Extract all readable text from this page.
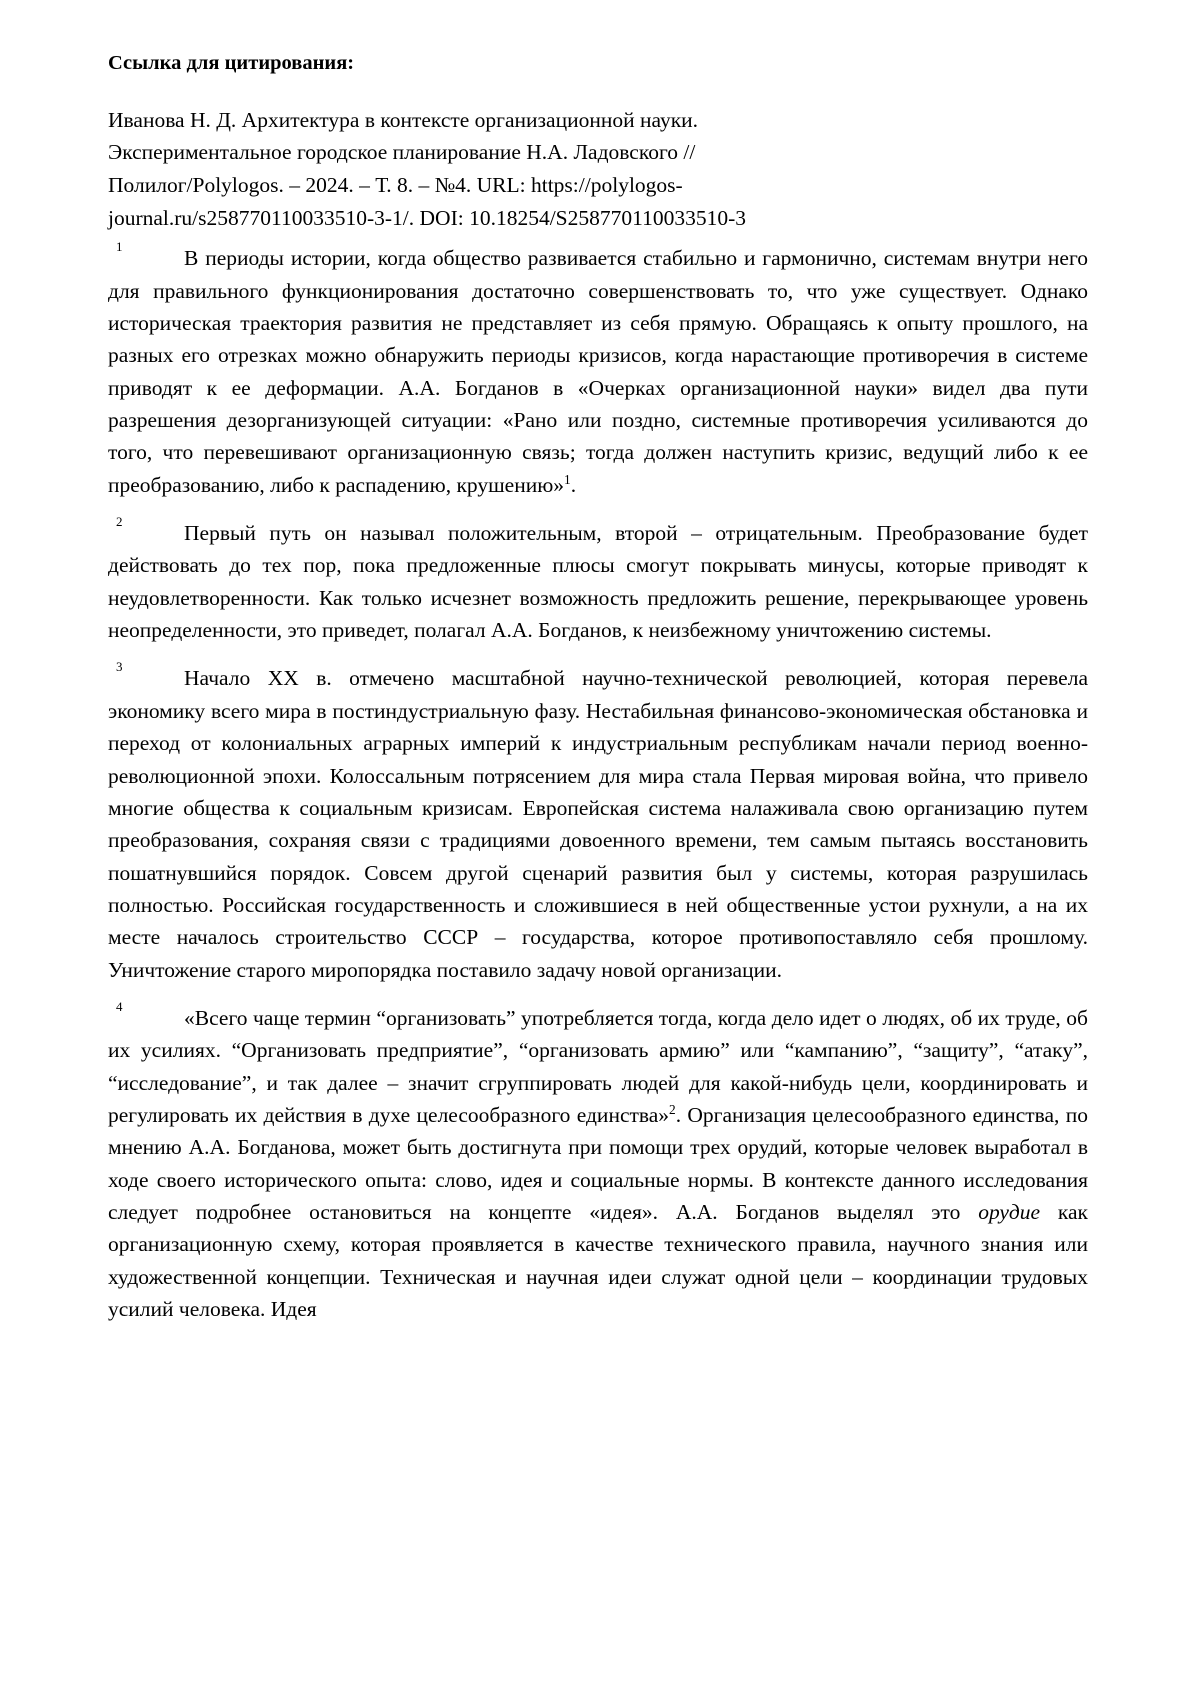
Ссылка для цитирования:
Иванова Н. Д. Архитектура в контексте организационной науки.
Экспериментальное городское планирование Н.А. Ладовского //
Полилог/Polylogos. – 2024. – Т. 8. – №4. URL: https://polylogos-
journal.ru/s258770110033510-3-1/. DOI: 10.18254/S258770110033510-3

1	В периоды истории, когда общество развивается стабильно и гармонично, системам внутри него для правильного функционирования достаточно совершенствовать то, что уже существует. Однако историческая траектория развития не представляет из себя прямую. Обращаясь к опыту прошлого, на разных его отрезках можно обнаружить периоды кризисов, когда нарастающие противоречия в системе приводят к ее деформации. А.А. Богданов в «Очерках организационной науки» видел два пути разрешения дезорганизующей ситуации: «Рано или поздно, системные противоречия усиливаются до того, что перевешивают организационную связь; тогда должен наступить кризис, ведущий либо к ее преобразованию, либо к распадению, крушению»$^1$.

2	Первый путь он называл положительным, второй – отрицательным. Преобразование будет действовать до тех пор, пока предложенные плюсы смогут покрывать минусы, которые приводят к неудовлетворенности. Как только исчезнет возможность предложить решение, перекрывающее уровень неопределенности, это приведет, полагал А.А. Богданов, к неизбежному уничтожению системы.

3	Начало XX в. отмечено масштабной научно-технической революцией, которая перевела экономику всего мира в постиндустриальную фазу. Нестабильная финансово-экономическая обстановка и переход от колониальных аграрных империй к индустриальным республикам начали период военно-революционной эпохи. Колоссальным потрясением для мира стала Первая мировая война, что привело многие общества к социальным кризисам. Европейская система налаживала свою организацию путем преобразования, сохраняя связи с традициями довоенного времени, тем самым пытаясь восстановить пошатнувшийся порядок. Совсем другой сценарий развития был у системы, которая разрушилась полностью. Российская государственность и сложившиеся в ней общественные устои рухнули, а на их месте началось строительство СССР – государства, которое противопоставляло себя прошлому. Уничтожение старого миропорядка поставило задачу новой организации.

4	«Всего чаще термин “организовать” употребляется тогда, когда дело идет о людях, об их труде, об их усилиях. “Организовать предприятие”, “организовать армию” или “кампанию”, “защиту”, “атаку”, “исследование”, и так далее – значит сгруппировать людей для какой-нибудь цели, координировать и регулировать их действия в духе целесообразного единства»$^2$. Организация целесообразного единства, по мнению А.А. Богданова, может быть достигнута при помощи трех орудий, которые человек выработал в ходе своего исторического опыта: слово, идея и социальные нормы. В контексте данного исследования следует подробнее остановиться на концепте «идея». А.А. Богданов выделял это орудие как организационную схему, которая проявляется в качестве технического правила, научного знания или художественной концепции. Техническая и научная идеи служат одной цели – координации трудовых усилий человека. Идея
